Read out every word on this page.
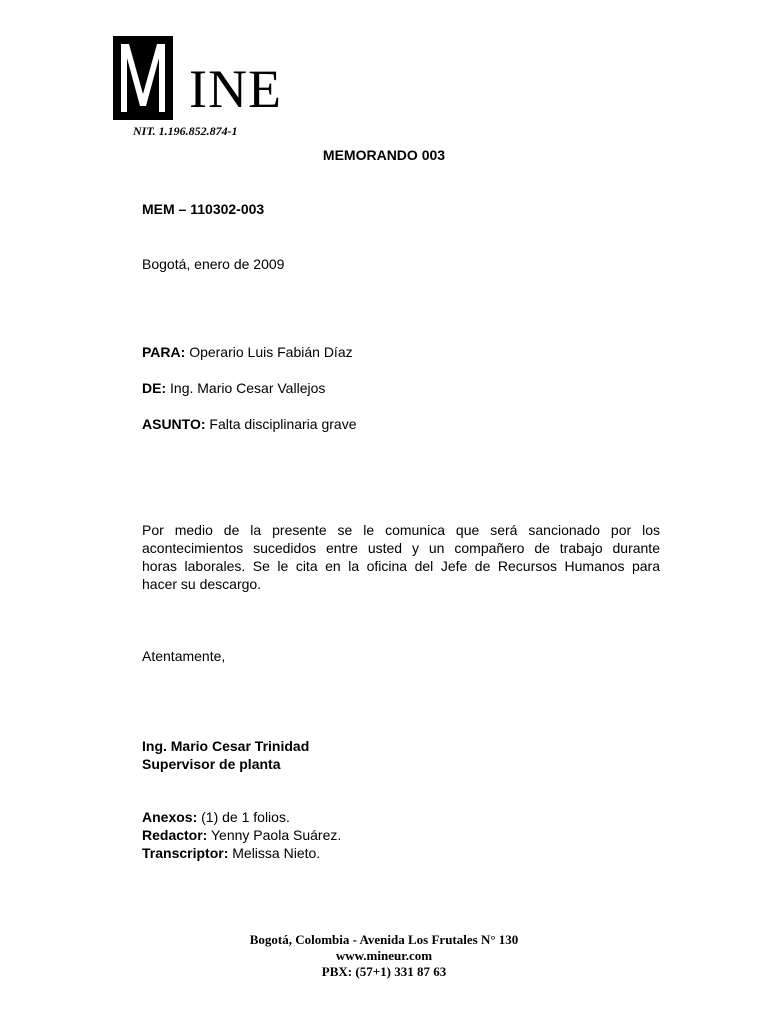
INE
NIT. 1.196.852.874-1
MEMORANDO 003
MEM – 110302-003
Bogotá, enero de 2009
PARA: Operario Luis Fabián Díaz
DE: Ing. Mario Cesar Vallejos
ASUNTO: Falta disciplinaria grave
Por medio de la presente se le comunica que será sancionado por los
acontecimientos sucedidos entre usted y un compañero de trabajo durante
horas laborales. Se le cita en la oficina del Jefe de Recursos Humanos para
hacer su descargo.
Atentamente,
Ing. Mario Cesar Trinidad
Supervisor de planta
Anexos: (1) de 1 folios.
Redactor: Yenny Paola Suárez.
Transcriptor: Melissa Nieto.
Bogotá, Colombia - Avenida Los Frutales N° 130
www.mineur.com
PBX: (57+1) 331 87 63
